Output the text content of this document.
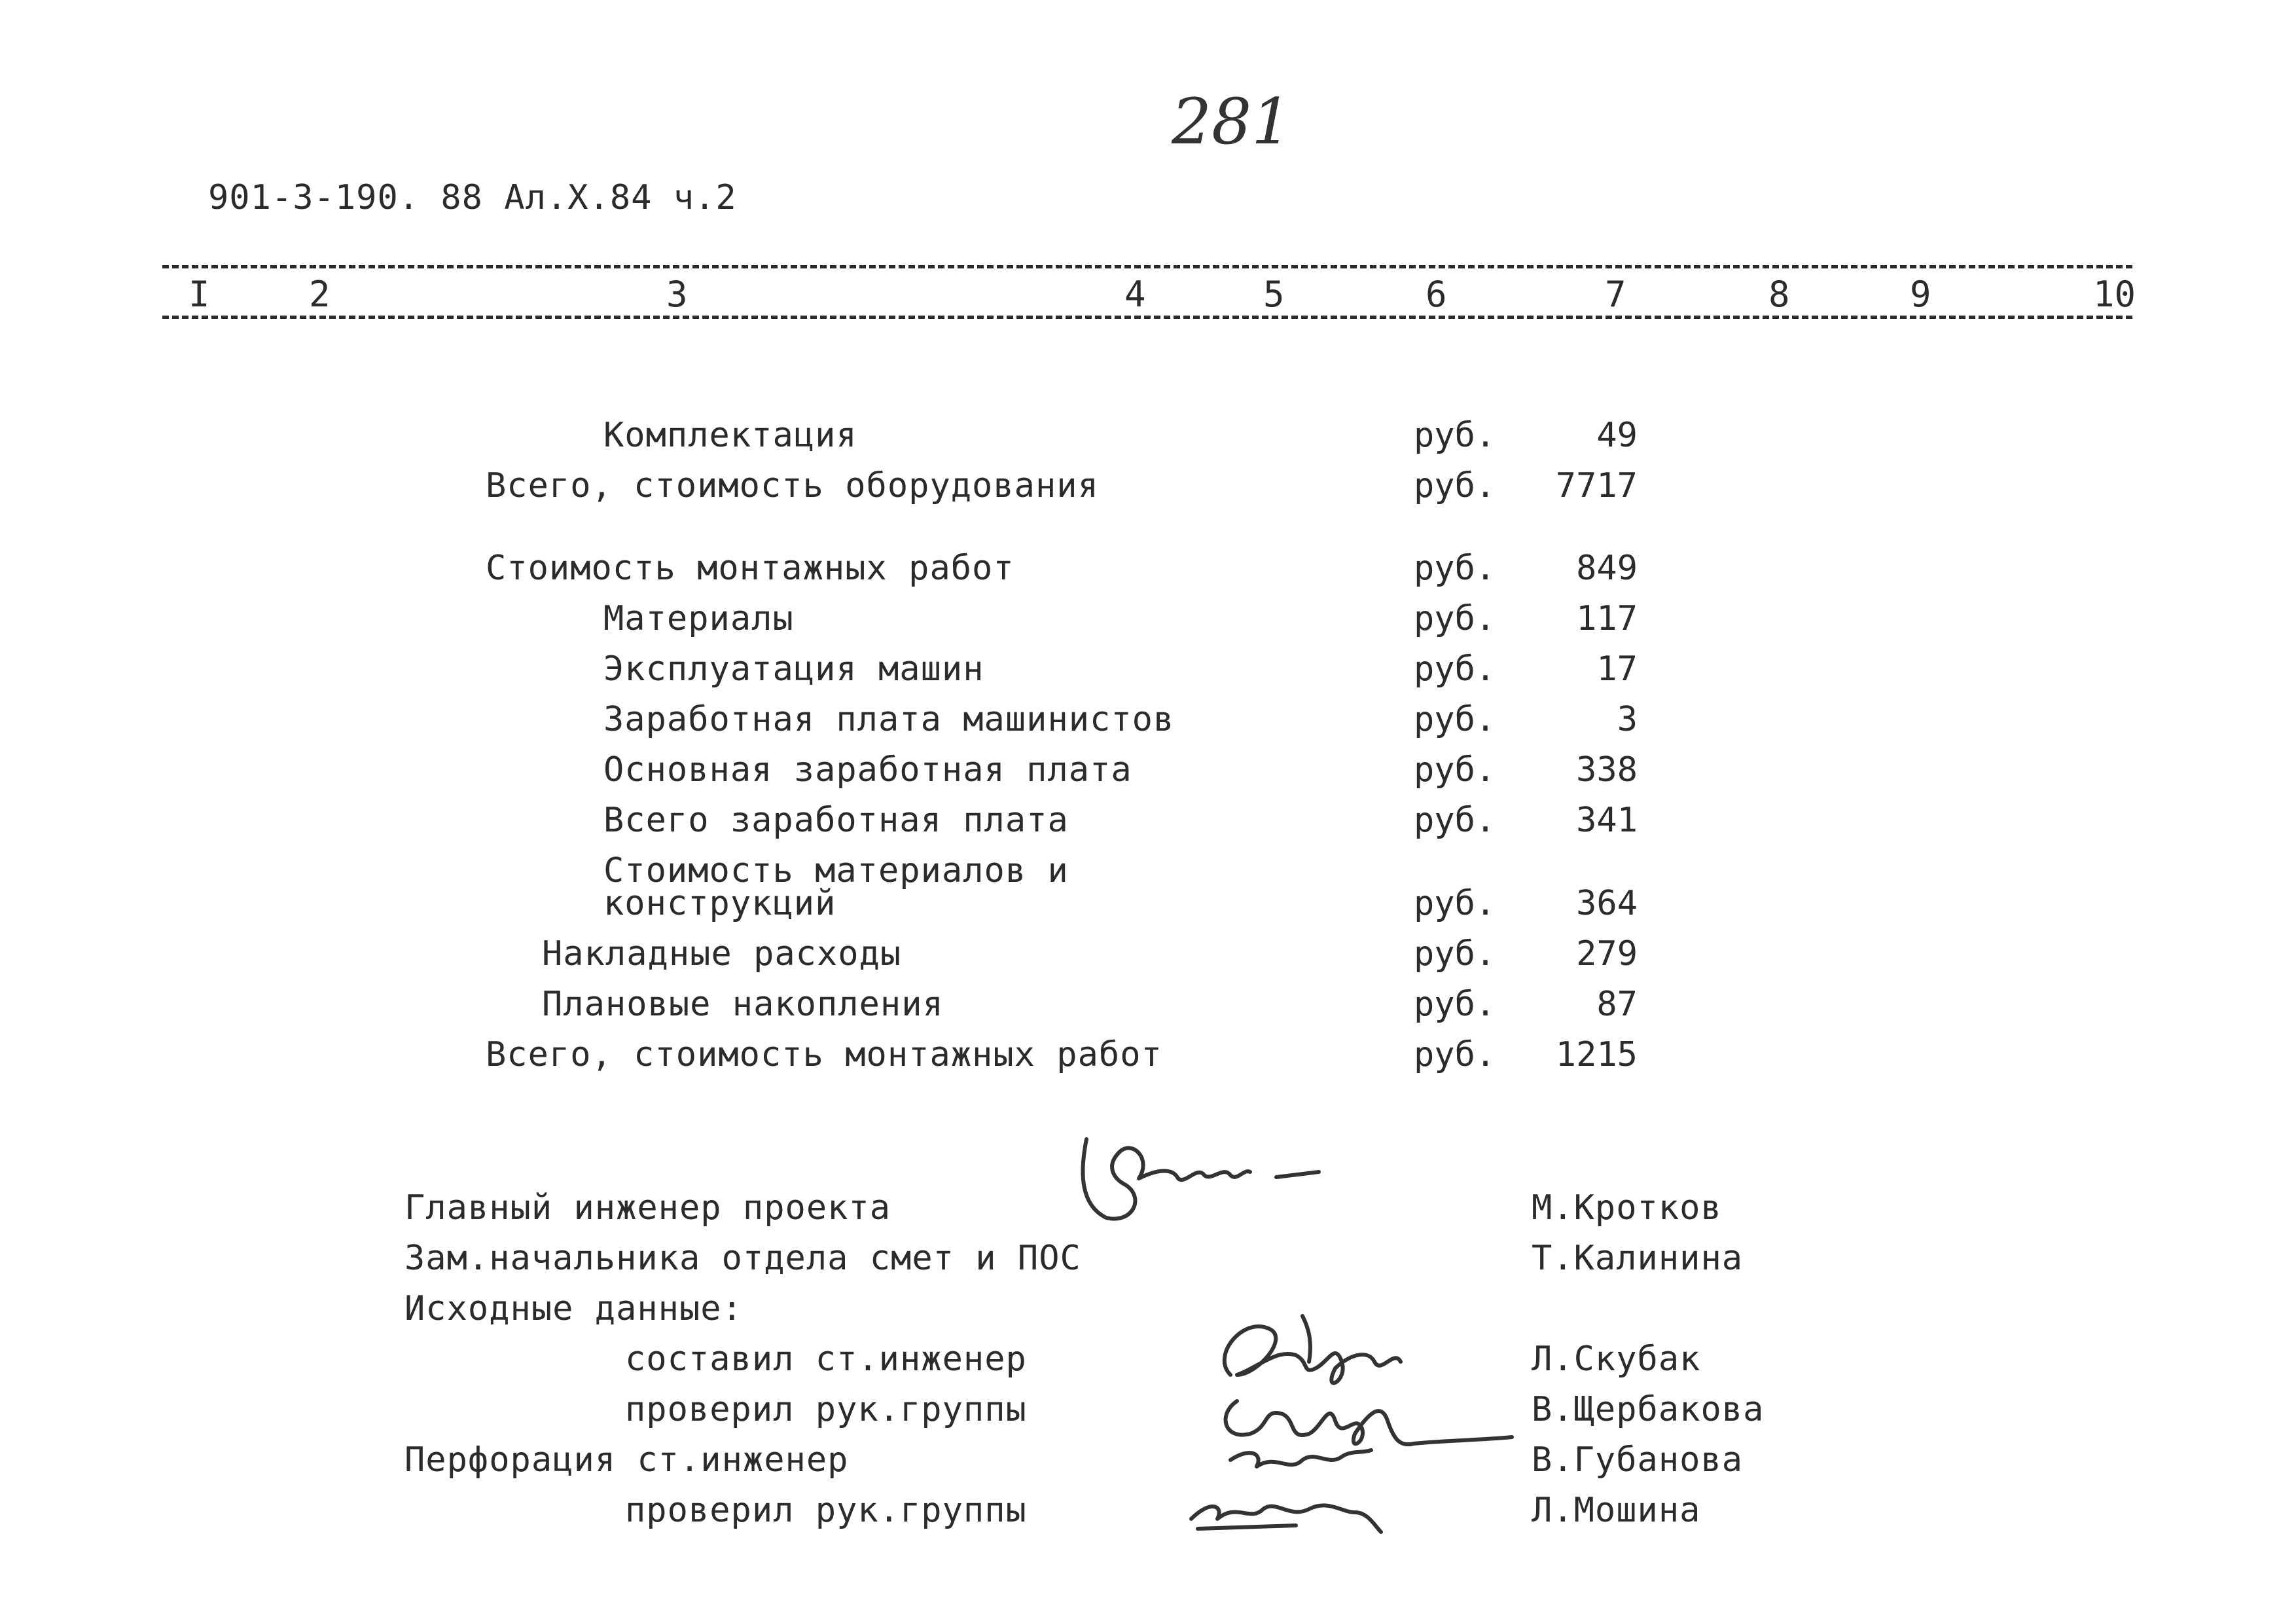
281
901-3-190. 88 Ал.X.84 ч.2
I	2	3	4	5	6	7	8	9	10
Комплектация	руб.	49
Всего, стоимость оборудования	руб. 7717
Стоимость монтажных работ	руб. 849
Материалы	руб. 117
Эксплуатация машин	руб.	17
Заработная плата машинистов	руб.	3
Основная заработная плата	руб. 338
Всего заработная плата	руб. 341
Стоимость материалов и
конструкций	руб. 364
Накладные расходы	руб. 279
Плановые накопления	руб.	87
Всего, стоимость монтажных работ	руб. 1215
Главный инженер проекта	М.Кротков
Зам.начальника отдела смет и ПОС	Т.Калинина
Исходные данные:
составил ст.инженер	Л.Скубак
проверил рук.группы	В.Щербакова
Перфорация ст.инженер	В.Губанова
проверил рук.группы	Л.Мошина
